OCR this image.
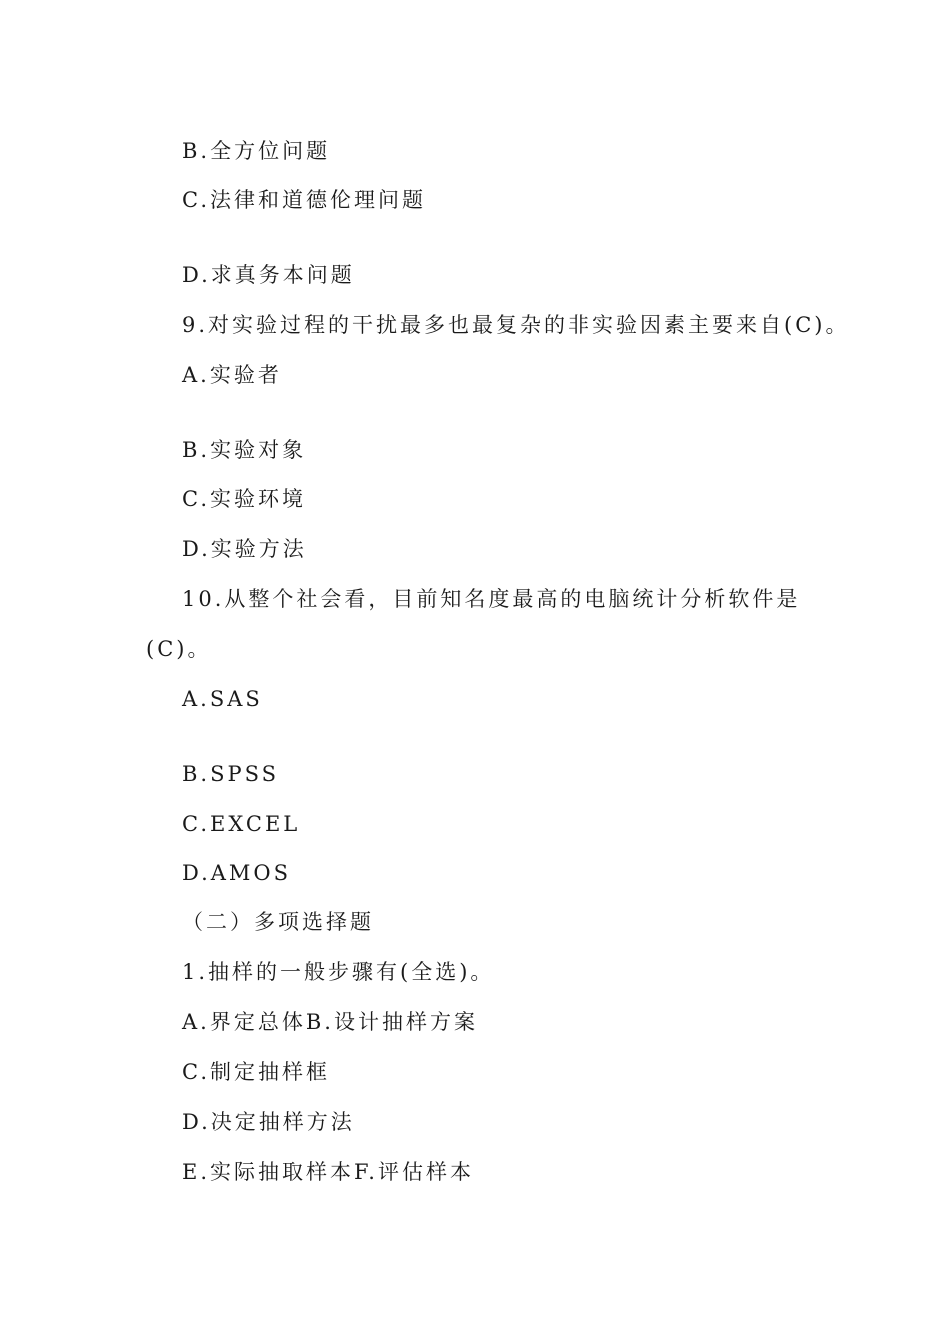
B.全方位问题
C.法律和道德伦理问题
D.求真务本问题
9.对实验过程的干扰最多也最复杂的非实验因素主要来自(C)。
A.实验者
B.实验对象
C.实验环境
D.实验方法
10.从整个社会看，目前知名度最高的电脑统计分析软件是
(C)。
A.SAS
B.SPSS
C.EXCEL
D.AMOS
（二）多项选择题
1.抽样的一般步骤有(全选)。
A.界定总体B.设计抽样方案
C.制定抽样框
D.决定抽样方法
E.实际抽取样本F.评估样本
